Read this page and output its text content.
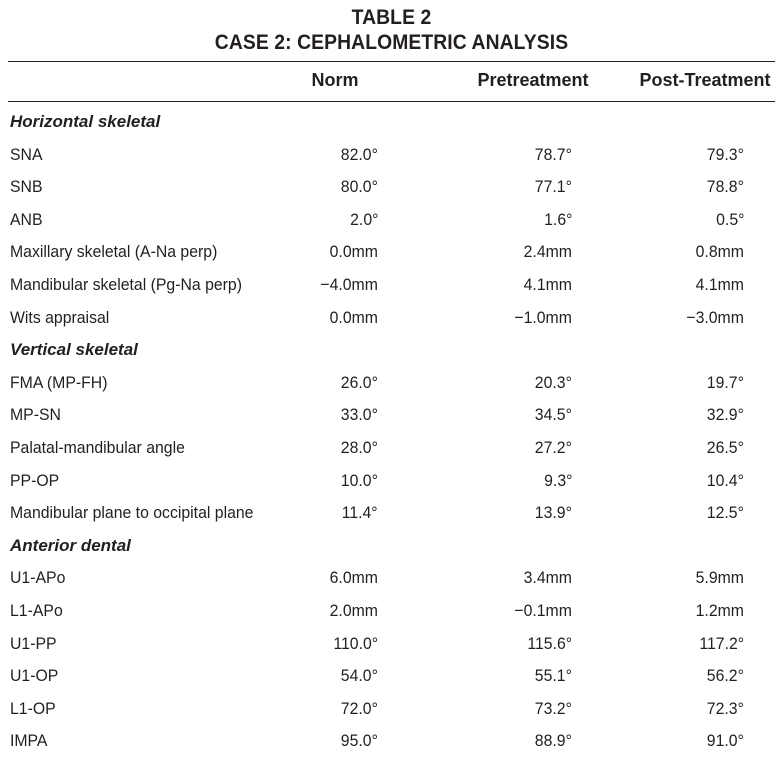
TABLE 2
CASE 2: CEPHALOMETRIC ANALYSIS
Norm	Pretreatment	Post-Treatment
Horizontal skeletal
SNA	82.0°	78.7°	79.3°
SNB	80.0°	77.1°	78.8°
ANB	2.0°	1.6°	0.5°
Maxillary skeletal (A-Na perp)	0.0mm	2.4mm	0.8mm
Mandibular skeletal (Pg-Na perp)	−4.0mm	4.1mm	4.1mm
Wits appraisal	0.0mm	−1.0mm	−3.0mm
Vertical skeletal
FMA (MP-FH)	26.0°	20.3°	19.7°
MP-SN	33.0°	34.5°	32.9°
Palatal-mandibular angle	28.0°	27.2°	26.5°
PP-OP	10.0°	9.3°	10.4°
Mandibular plane to occipital plane	11.4°	13.9°	12.5°
Anterior dental
U1-APo	6.0mm	3.4mm	5.9mm
L1-APo	2.0mm	−0.1mm	1.2mm
U1-PP	110.0°	115.6°	117.2°
U1-OP	54.0°	55.1°	56.2°
L1-OP	72.0°	73.2°	72.3°
IMPA	95.0°	88.9°	91.0°
